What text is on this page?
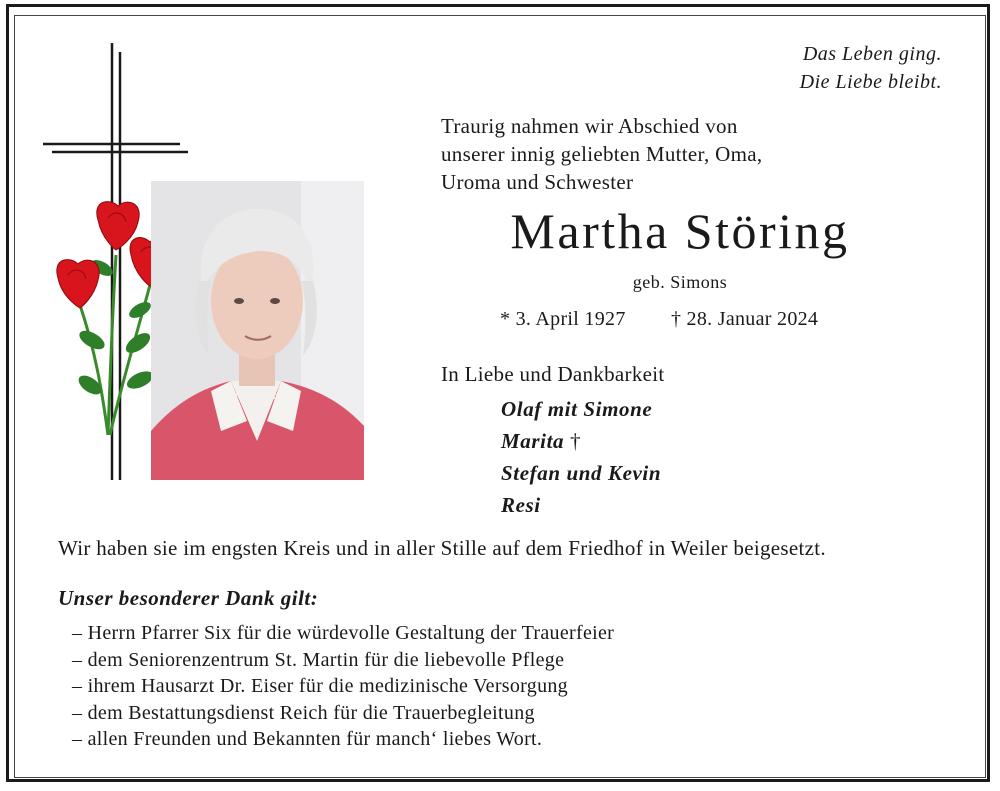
Das Leben ging.
Die Liebe bleibt.
Traurig nahmen wir Abschied von
unserer innig geliebten Mutter, Oma,
Uroma und Schwester
Martha Störing
geb. Simons
* 3. April 1927 † 28. Januar 2024
In Liebe und Dankbarkeit
Olaf mit Simone
Marita †
Stefan und Kevin
Resi
Wir haben sie im engsten Kreis und in aller Stille auf dem Friedhof in Weiler beigesetzt.
Unser besonderer Dank gilt:
– Herrn Pfarrer Six für die würdevolle Gestaltung der Trauerfeier
– dem Seniorenzentrum St. Martin für die liebevolle Pflege
– ihrem Hausarzt Dr. Eiser für die medizinische Versorgung
– dem Bestattungsdienst Reich für die Trauerbegleitung
– allen Freunden und Bekannten für manch‘ liebes Wort.
